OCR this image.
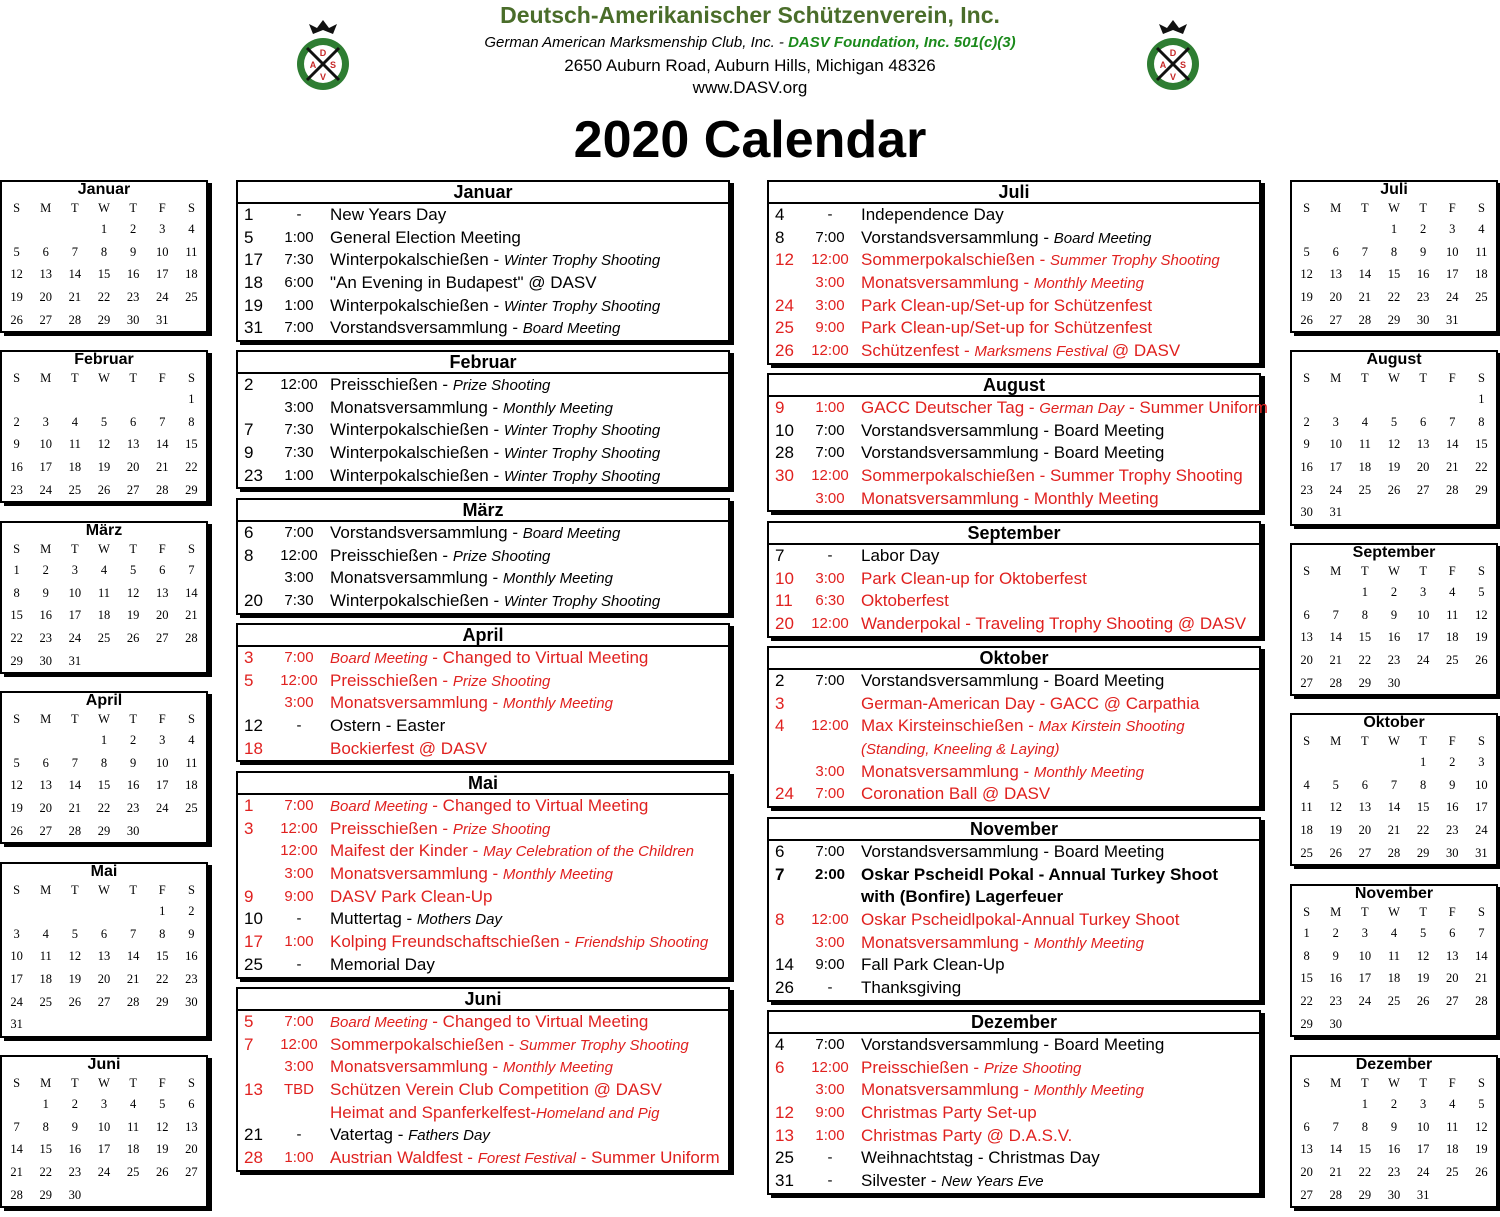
D
A S
V
D
A S
V
Deutsch-Amerikanischer Schützenverein, Inc.
German American Marksmenship Club, Inc. - DASV Foundation, Inc. 501(c)(3)
2650 Auburn Road, Auburn Hills, Michigan 48326
www.DASV.org
2020 Calendar
Januar
S	M	T	W	T	F	S
			1	2	3	4
5	6	7	8	9	10	11
12	13	14	15	16	17	18
19	20	21	22	23	24	25
26	27	28	29	30	31	
Februar
S	M	T	W	T	F	S
						1
2	3	4	5	6	7	8
9	10	11	12	13	14	15
16	17	18	19	20	21	22
23	24	25	26	27	28	29
März
S	M	T	W	T	F	S
1	2	3	4	5	6	7
8	9	10	11	12	13	14
15	16	17	18	19	20	21
22	23	24	25	26	27	28
29	30	31				
April
S	M	T	W	T	F	S
			1	2	3	4
5	6	7	8	9	10	11
12	13	14	15	16	17	18
19	20	21	22	23	24	25
26	27	28	29	30		
Mai
S	M	T	W	T	F	S
					1	2
3	4	5	6	7	8	9
10	11	12	13	14	15	16
17	18	19	20	21	22	23
24	25	26	27	28	29	30
31						
Juni
S	M	T	W	T	F	S
	1	2	3	4	5	6
7	8	9	10	11	12	13
14	15	16	17	18	19	20
21	22	23	24	25	26	27
28	29	30				
Juli
S	M	T	W	T	F	S
			1	2	3	4
5	6	7	8	9	10	11
12	13	14	15	16	17	18
19	20	21	22	23	24	25
26	27	28	29	30	31	
August
S	M	T	W	T	F	S
						1
2	3	4	5	6	7	8
9	10	11	12	13	14	15
16	17	18	19	20	21	22
23	24	25	26	27	28	29
30	31					
September
S	M	T	W	T	F	S
		1	2	3	4	5
6	7	8	9	10	11	12
13	14	15	16	17	18	19
20	21	22	23	24	25	26
27	28	29	30			
Oktober
S	M	T	W	T	F	S
				1	2	3
4	5	6	7	8	9	10
11	12	13	14	15	16	17
18	19	20	21	22	23	24
25	26	27	28	29	30	31
November
S	M	T	W	T	F	S
1	2	3	4	5	6	7
8	9	10	11	12	13	14
15	16	17	18	19	20	21
22	23	24	25	26	27	28
29	30					
Dezember
S	M	T	W	T	F	S
		1	2	3	4	5
6	7	8	9	10	11	12
13	14	15	16	17	18	19
20	21	22	23	24	25	26
27	28	29	30	31		
Januar
1	-	New Years Day
5	1:00 General Election Meeting
17	7:30 Winterpokalschießen - Winter Trophy Shooting
18	6:00 "An Evening in Budapest" @ DASV
19	1:00 Winterpokalschießen - Winter Trophy Shooting
31	7:00 Vorstandsversammlung - Board Meeting
Februar
2	12:00 Preisschießen - Prize Shooting
3:00 Monatsversammlung - Monthly Meeting
7	7:30 Winterpokalschießen - Winter Trophy Shooting
9	7:30 Winterpokalschießen - Winter Trophy Shooting
23	1:00 Winterpokalschießen - Winter Trophy Shooting
März
6	7:00 Vorstandsversammlung - Board Meeting
8	12:00 Preisschießen - Prize Shooting
3:00 Monatsversammlung - Monthly Meeting
20	7:30 Winterpokalschießen - Winter Trophy Shooting
April
3	7:00	Board Meeting - Changed to Virtual Meeting
5	12:00 Preisschießen - Prize Shooting
3:00 Monatsversammlung - Monthly Meeting
12	-	Ostern - Easter
18	Bockierfest @ DASV
Mai
1	7:00	Board Meeting - Changed to Virtual Meeting
3	12:00 Preisschießen - Prize Shooting
12:00 Maifest der Kinder - May Celebration of the Children
3:00 Monatsversammlung - Monthly Meeting
9	9:00 DASV Park Clean-Up
10	-	Muttertag - Mothers Day
17	1:00 Kolping Freundschaftschießen - Friendship Shooting
25	-	Memorial Day
Juni
5	7:00	Board Meeting - Changed to Virtual Meeting
7	12:00 Sommerpokalschießen - Summer Trophy Shooting
3:00 Monatsversammlung - Monthly Meeting
13	TBD Schützen Verein Club Competition @ DASV
Heimat and Spanferkelfest-Homeland and Pig
21	-	Vatertag - Fathers Day
28	1:00 Austrian Waldfest - Forest Festival - Summer Uniform
Juli
4	-	Independence Day
8	7:00 Vorstandsversammlung - Board Meeting
12	12:00 Sommerpokalschießen - Summer Trophy Shooting
3:00 Monatsversammlung - Monthly Meeting
24	3:00 Park Clean-up/Set-up for Schützenfest
25	9:00 Park Clean-up/Set-up for Schützenfest
26	12:00 Schützenfest - Marksmens Festival @ DASV
August
9	1:00 GACC Deutscher Tag - German Day - Summer Uniform
10	7:00 Vorstandsversammlung - Board Meeting
28	7:00 Vorstandsversammlung - Board Meeting
30	12:00 Sommerpokalschießen - Summer Trophy Shooting
3:00 Monatsversammlung - Monthly Meeting
September
7	-	Labor Day
10	3:00 Park Clean-up for Oktoberfest
11	6:30 Oktoberfest
20	12:00 Wanderpokal - Traveling Trophy Shooting @ DASV
Oktober
2	7:00 Vorstandsversammlung - Board Meeting
3	German-American Day - GACC @ Carpathia
4	12:00 Max Kirsteinschießen - Max Kirstein Shooting
(Standing, Kneeling & Laying)
3:00 Monatsversammlung - Monthly Meeting
24	7:00 Coronation Ball @ DASV
November
6	7:00 Vorstandsversammlung - Board Meeting
7	2:00 Oskar Pscheidl Pokal - Annual Turkey Shoot
with (Bonfire) Lagerfeuer
8	12:00 Oskar Pscheidlpokal-Annual Turkey Shoot
3:00 Monatsversammlung - Monthly Meeting
14	9:00 Fall Park Clean-Up
26	-	Thanksgiving
Dezember
4	7:00 Vorstandsversammlung - Board Meeting
6	12:00 Preisschießen - Prize Shooting
3:00 Monatsversammlung - Monthly Meeting
12	9:00 Christmas Party Set-up
13	1:00 Christmas Party @ D.A.S.V.
25	-	Weihnachtstag - Christmas Day
31	-	Silvester - New Years Eve
